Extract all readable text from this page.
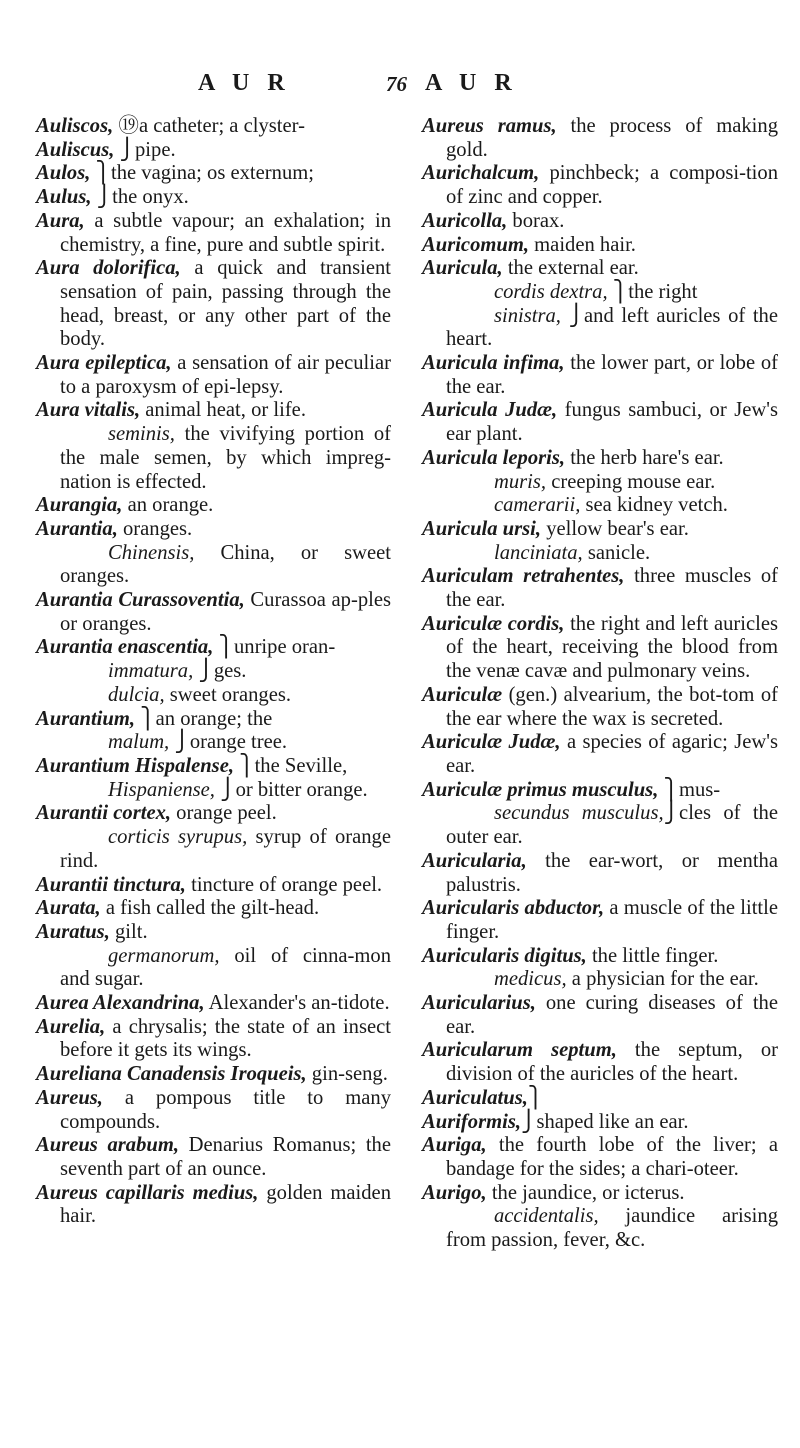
A U R	76 A U R

Auliscos, ⑲a catheter; a clyster-

Auliscus, ⎭pipe.

Aulos, ⎫the vagina; os externum;

Aulus, ⎭the onyx.

Aura, a subtle vapour; an exhalation; in chemistry, a fine, pure and subtle spirit.

Aura dolorifica, a quick and transient sensation of pain, passing through the head, breast, or any other part of the body.

Aura epileptica, a sensation of air peculiar to a paroxysm of epi-lepsy.

Aura vitalis, animal heat, or life.

seminis, the vivifying portion of the male semen, by which impreg-nation is effected.

Aurangia, an orange.

Aurantia, oranges.

Chinensis, China, or sweet oranges.

Aurantia Curassoventia, Curassoa ap-ples or oranges.

Aurantia enascentia, ⎫unripe oran-

immatura, ⎭ges.

dulcia, sweet oranges.

Aurantium, ⎫an orange; the

malum, ⎭orange tree.

Aurantium Hispalense, ⎫the Seville,

Hispaniense, ⎭or bitter orange.

Aurantii cortex, orange peel.

corticis syrupus, syrup of orange rind.

Aurantii tinctura, tincture of orange peel.

Aurata, a fish called the gilt-head.

Auratus, gilt.

germanorum, oil of cinna-mon and sugar.

Aurea Alexandrina, Alexander's an-tidote.

Aurelia, a chrysalis; the state of an insect before it gets its wings.

Aureliana Canadensis Iroqueis, gin-seng.

Aureus, a pompous title to many compounds.

Aureus arabum, Denarius Romanus; the seventh part of an ounce.

Aureus capillaris medius, golden maiden hair.

Aureus ramus, the process of making gold.

Aurichalcum, pinchbeck; a composi-tion of zinc and copper.

Auricolla, borax.

Auricomum, maiden hair.

Auricula, the external ear.

cordis dextra, ⎫the right

sinistra, ⎭and left auricles of the heart.

Auricula infima, the lower part, or lobe of the ear.

Auricula Judæ, fungus sambuci, or Jew's ear plant.

Auricula leporis, the herb hare's ear.

muris, creeping mouse ear.

camerarii, sea kidney vetch.

Auricula ursi, yellow bear's ear.

lanciniata, sanicle.

Auriculam retrahentes, three muscles of the ear.

Auriculæ cordis, the right and left auricles of the heart, receiving the blood from the venæ cavæ and pulmonary veins.

Auriculæ (gen.) alvearium, the bot-tom of the ear where the wax is secreted.

Auriculæ Judæ, a species of agaric; Jew's ear.

Auriculæ primus musculus, ⎫mus-

secundus musculus,⎭cles of the outer ear.

Auricularia, the ear-wort, or mentha palustris.

Auricularis abductor, a muscle of the little finger.

Auricularis digitus, the little finger.

medicus, a physician for the ear.

Auricularius, one curing diseases of the ear.

Auricularum septum, the septum, or division of the auricles of the heart.

Auriculatus,⎫

Auriformis,⎭shaped like an ear.

Auriga, the fourth lobe of the liver; a bandage for the sides; a chari-oteer.

Aurigo, the jaundice, or icterus.

accidentalis, jaundice arising from passion, fever, &c.
